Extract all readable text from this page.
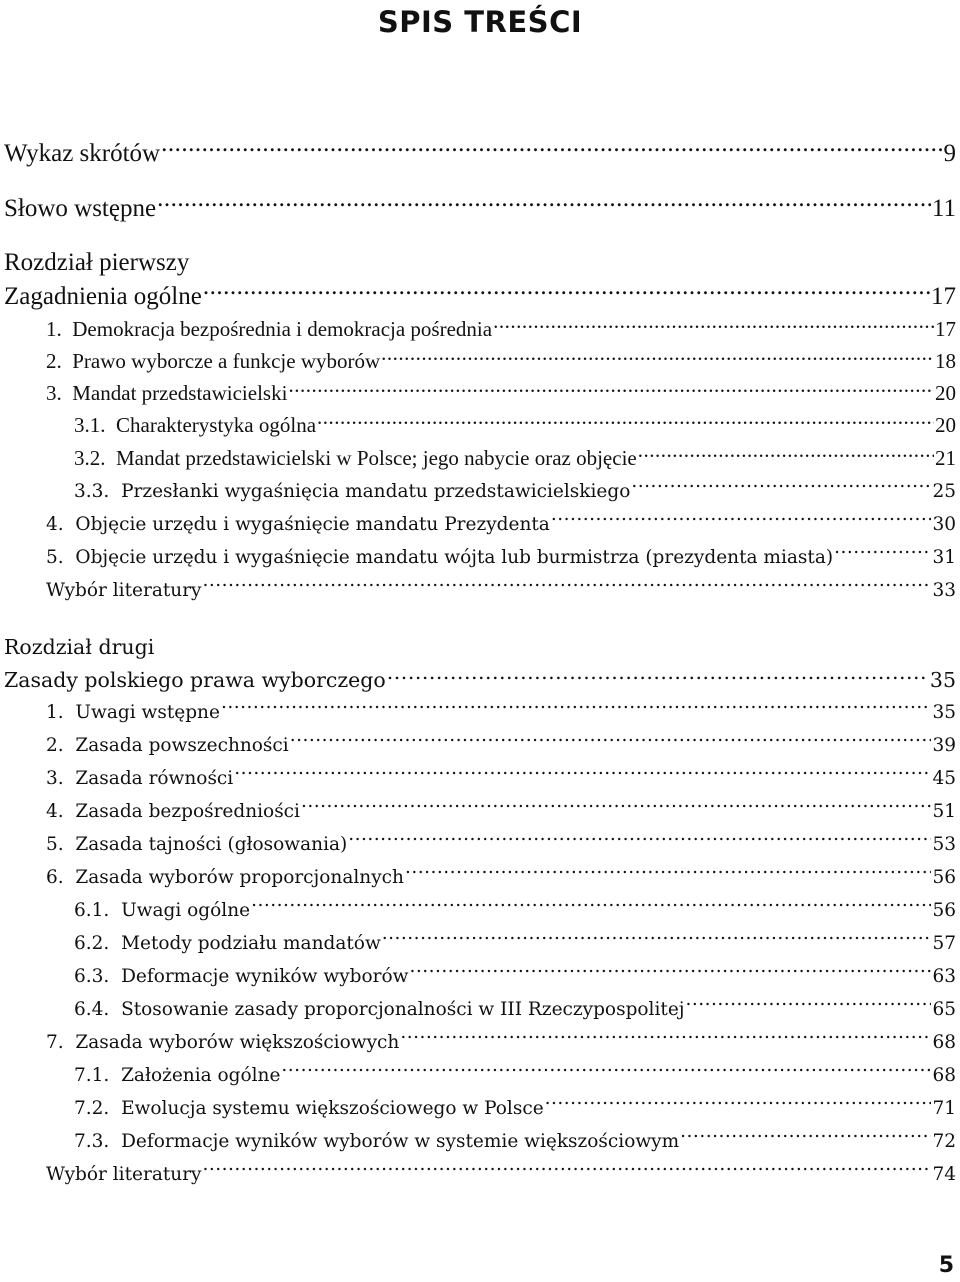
SPIS TREŚCI
Wykaz skrótów .....	9
Słowo wstępne .....	11
Rozdział pierwszy
Zagadnienia ogólne .....	17
1.  Demokracja bezpośrednia i demokracja pośrednia .....	17
2.  Prawo wyborcze a funkcje wyborów .....	18
3.  Mandat przedstawicielski .....	20
3.1.  Charakterystyka ogólna .....	20
3.2.  Mandat przedstawicielski w Polsce; jego nabycie oraz objęcie .....	21
3.3.  Przesłanki wygaśnięcia mandatu przedstawicielskiego .....	25
4.  Objęcie urzędu i wygaśnięcie mandatu Prezydenta .....	30
5.  Objęcie urzędu i wygaśnięcie mandatu wójta lub burmistrza (prezydenta miasta) .....	31
Wybór literatury .....	33
Rozdział drugi
Zasady polskiego prawa wyborczego .....	35
1.  Uwagi wstępne .....	35
2.  Zasada powszechności .....	39
3.  Zasada równości .....	45
4.  Zasada bezpośredniości .....	51
5.  Zasada tajności (głosowania) .....	53
6.  Zasada wyborów proporcjonalnych .....	56
6.1.  Uwagi ogólne .....	56
6.2.  Metody podziału mandatów .....	57
6.3.  Deformacje wyników wyborów .....	63
6.4.  Stosowanie zasady proporcjonalności w III Rzeczypospolitej .....	65
7.  Zasada wyborów większościowych .....	68
7.1.  Założenia ogólne .....	68
7.2.  Ewolucja systemu większościowego w Polsce .....	71
7.3.  Deformacje wyników wyborów w systemie większościowym .....	72
Wybór literatury .....	74
5
